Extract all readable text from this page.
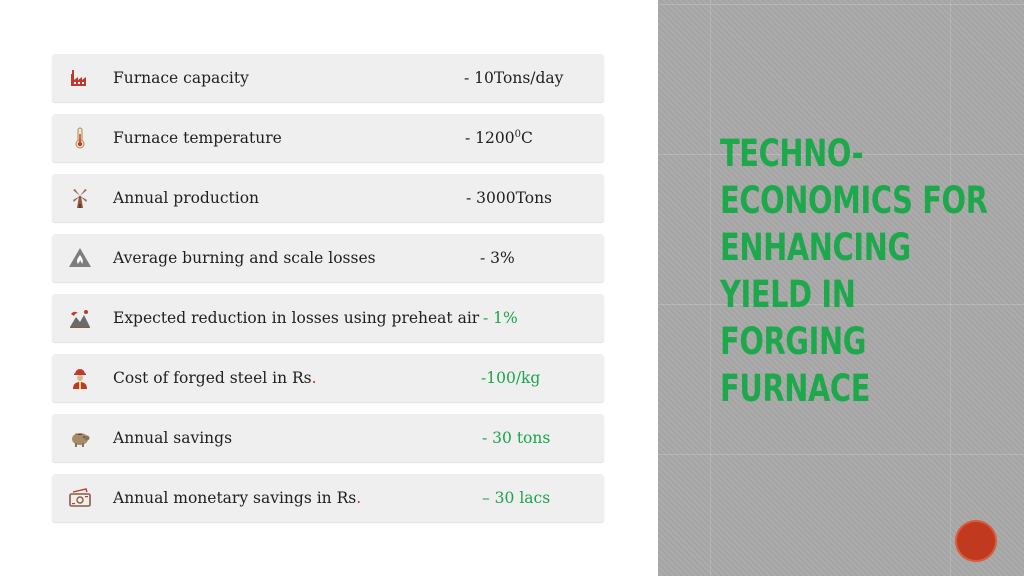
Furnace capacity	- 10Tons/day
Furnace temperature	- 1200$^0$C
Annual production	- 3000Tons
Average burning and scale losses	- 3%
Expected reduction in losses using preheat air - 1%
Cost of forged steel in Rs.	-100/kg
Annual savings	- 30 tons
Annual monetary savings in Rs.	– 30 lacs
TECHNO-
ECONOMICS FOR
ENHANCING
YIELD IN
FORGING
FURNACE
